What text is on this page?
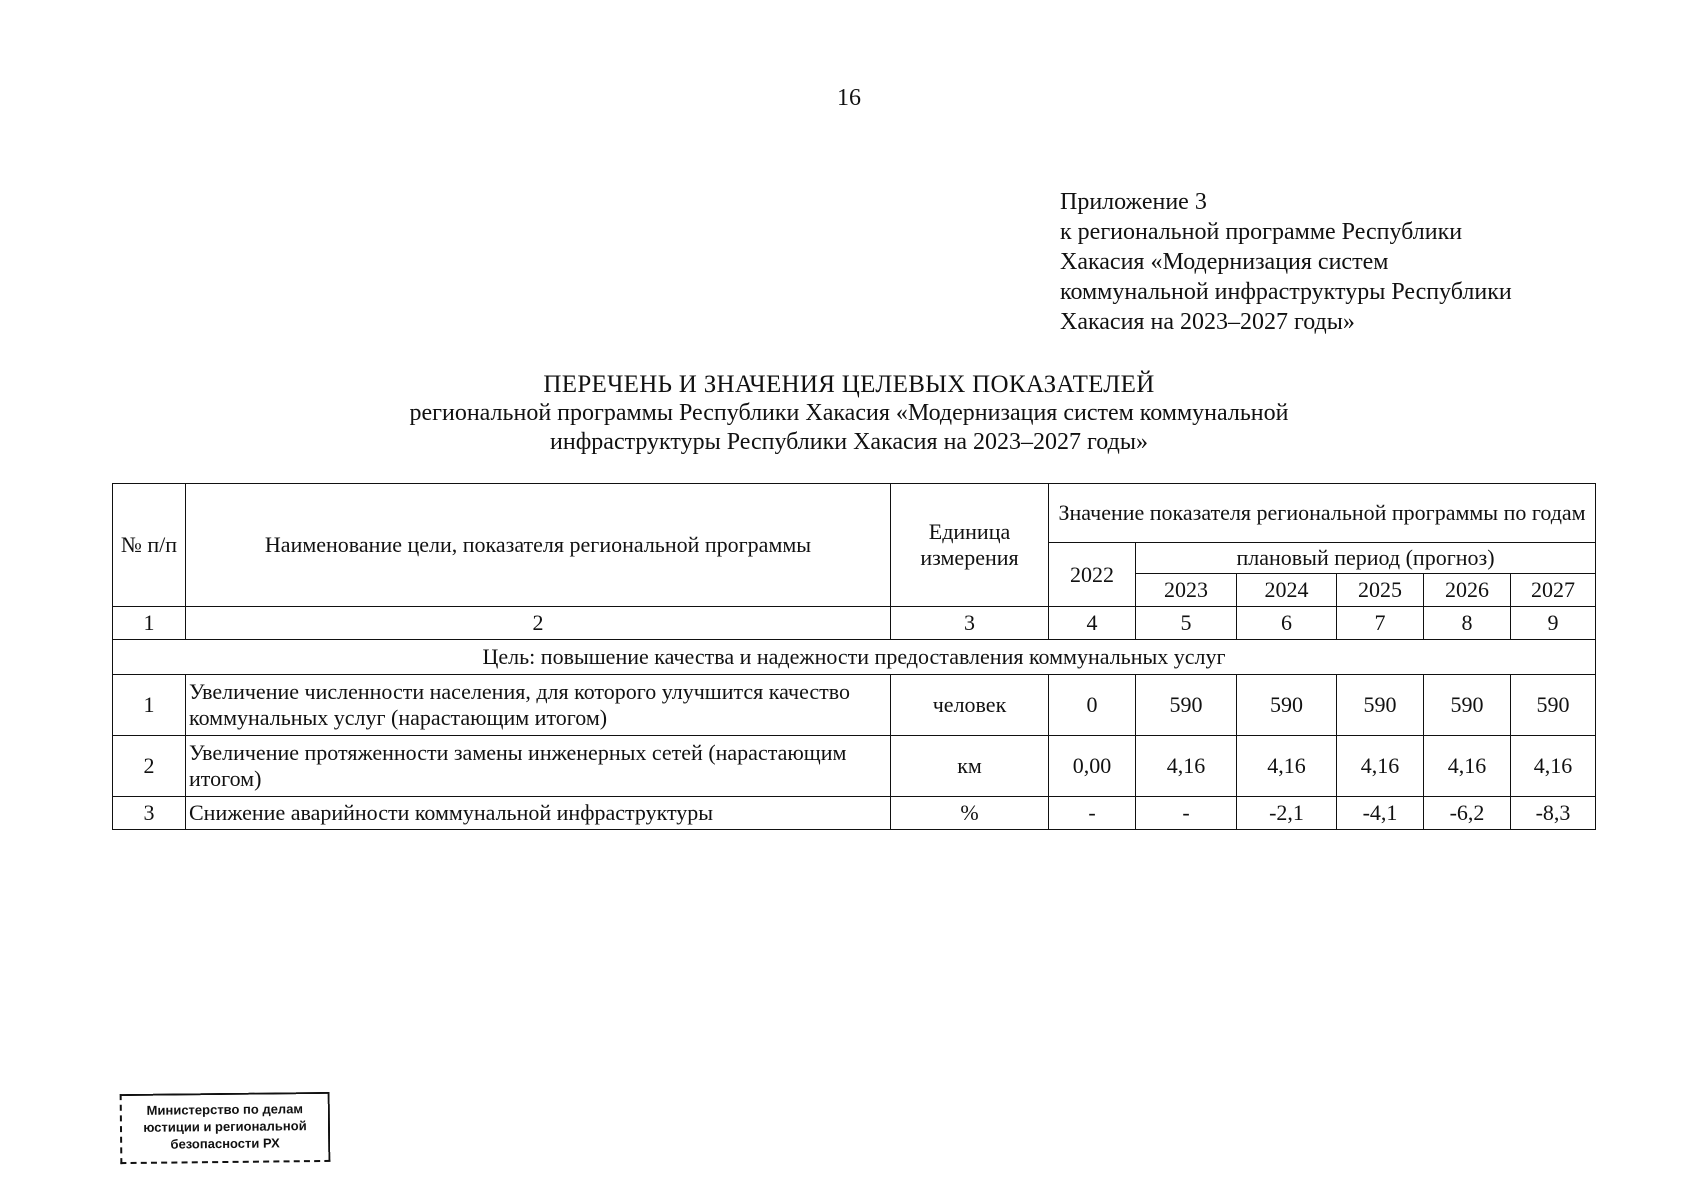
16
Приложение 3
к региональной программе Республики
Хакасия «Модернизация систем
коммунальной инфраструктуры Республики
Хакасия на 2023–2027 годы»
ПЕРЕЧЕНЬ И ЗНАЧЕНИЯ ЦЕЛЕВЫХ ПОКАЗАТЕЛЕЙ
региональной программы Республики Хакасия «Модернизация систем коммунальной
инфраструктуры Республики Хакасия на 2023–2027 годы»
№ п/п	Наименование цели, показателя региональной программы	Единица измерения	Значение показателя региональной программы по годам					
			2022	плановый период (прогноз)				
				2023	2024	2025	2026	2027
1	2	3	4	5	6	7	8	9
Цель: повышение качества и надежности предоставления коммунальных услуг								
1	Увеличение численности населения, для которого улучшится качество коммунальных услуг (нарастающим итогом)	человек	0	590	590	590	590	590
2	Увеличение протяженности замены инженерных сетей (нарастающим итогом)	км	0,00	4,16	4,16	4,16	4,16	4,16
3	Снижение аварийности коммунальной инфраструктуры	%	-	-	-2,1	-4,1	-6,2	-8,3
Министерство по делам
юстиции и региональной
безопасности РХ
